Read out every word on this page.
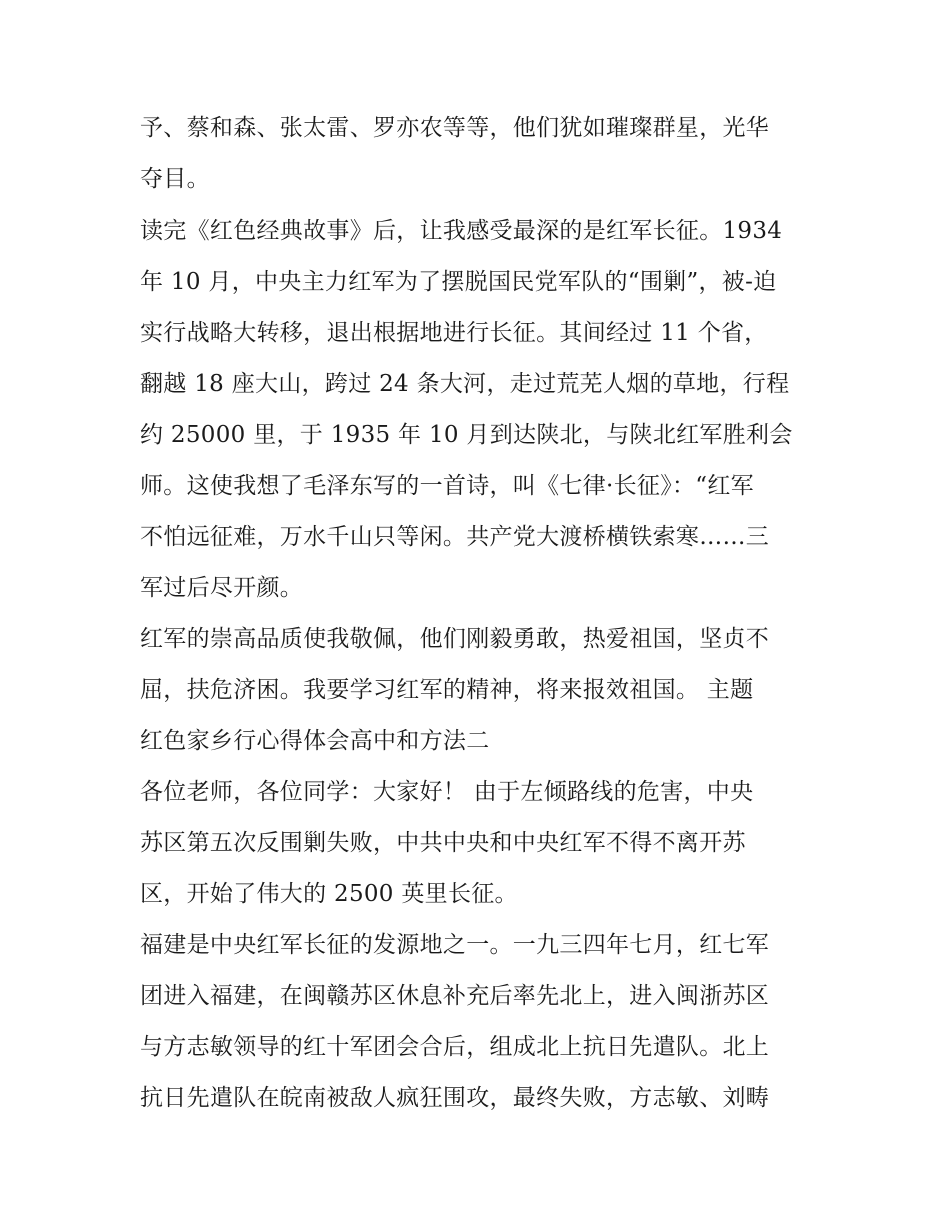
予、蔡和森、张太雷、罗亦农等等，他们犹如璀璨群星，光华
夺目。
读完《红色经典故事》后，让我感受最深的是红军长征。1934
年 10 月，中央主力红军为了摆脱国民党军队的“围剿”，被-迫
实行战略大转移，退出根据地进行长征。其间经过 11 个省，
翻越 18 座大山，跨过 24 条大河，走过荒芜人烟的草地，行程
约 25000 里，于 1935 年 10 月到达陕北，与陕北红军胜利会
师。这使我想了毛泽东写的一首诗，叫《七律·长征》：“红军
不怕远征难，万水千山只等闲。共产党大渡桥横铁索寒……三
军过后尽开颜。
红军的崇高品质使我敬佩，他们刚毅勇敢，热爱祖国，坚贞不
屈，扶危济困。我要学习红军的精神，将来报效祖国。 主题
红色家乡行心得体会高中和方法二
各位老师，各位同学：大家好！ 由于左倾路线的危害，中央
苏区第五次反围剿失败，中共中央和中央红军不得不离开苏
区，开始了伟大的 2500 英里长征。
福建是中央红军长征的发源地之一。一九三四年七月，红七军
团进入福建，在闽赣苏区休息补充后率先北上，进入闽浙苏区
与方志敏领导的红十军团会合后，组成北上抗日先遣队。北上
抗日先遣队在皖南被敌人疯狂围攻，最终失败，方志敏、刘畴
